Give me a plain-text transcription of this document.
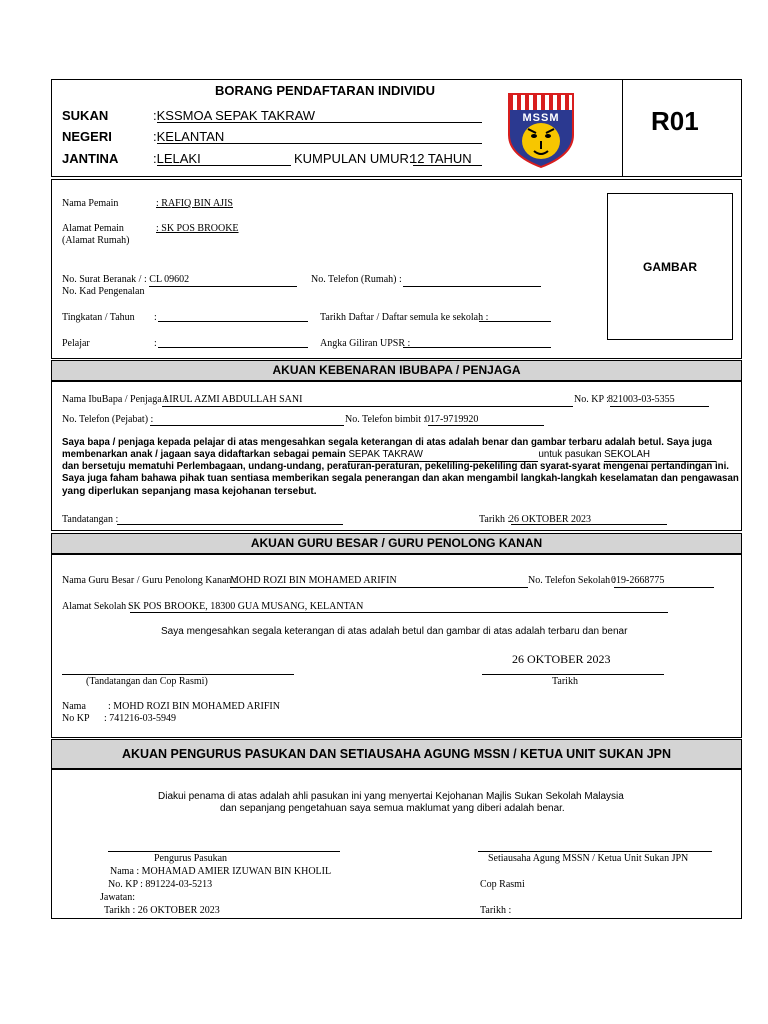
BORANG PENDAFTARAN INDIVIDU
SUKAN	:KSSMOA SEPAK TAKRAW
NEGERI	:KELANTAN
JANTINA	:LELAKI	KUMPULAN UMUR:
12 TAHUN
MSSM	R01
GAMBAR
Nama Pemain	: RAFIQ BIN AJIS
Alamat Pemain
(Alamat Rumah)
: SK POS BROOKE
No. Surat Beranak /
No. Kad Pengenalan
: CL 09602	No. Telefon (Rumah) :
Tingkatan / Tahun :	Tarikh Daftar / Daftar semula ke sekolah :
Pelajar	:	Angka Giliran UPSR :
AKUAN KEBENARAN IBUBAPA / PENJAGA
Nama IbuBapa / Penjaga :
AIRUL AZMI ABDULLAH SANI	No. KP : 821003-03-5355
No. Telefon (Pejabat) :	No. Telefon bimbit :
017-9719920
Saya bapa / penjaga kepada pelajar di atas mengesahkan segala keterangan di atas adalah benar dan gambar terbaru adalah betul. Saya juga
membenarkan anak / jagaan saya didaftarkan sebagai pemain SEPAK TAKRAW	untuk pasukan SEKOLAH
dan bersetuju mematuhi Perlembagaan, undang-undang, peraturan-peraturan, pekeliling-pekeliling dan syarat-syarat mengenai pertandingan ini.
Saya juga faham bahawa pihak tuan sentiasa memberikan segala penerangan dan akan mengambil langkah-langkah keselamatan dan pengawasan
yang diperlukan sepanjang masa kejohanan tersebut.
Tandatangan :	Tarikh :
26 OKTOBER 2023
AKUAN GURU BESAR / GURU PENOLONG KANAN
Nama Guru Besar / Guru Penolong Kanan :
MOHD ROZI BIN MOHAMED ARIFIN	No. Telefon Sekolah :
019-2668775
Alamat Sekolah :
SK POS BROOKE, 18300 GUA MUSANG, KELANTAN
Saya mengesahkan segala keterangan di atas adalah betul dan gambar di atas adalah terbaru dan benar
26 OKTOBER 2023
(Tandatangan dan Cop Rasmi)	Tarikh
Nama : MOHD ROZI BIN MOHAMED ARIFIN
No KP : 741216-03-5949
AKUAN PENGURUS PASUKAN DAN SETIAUSAHA AGUNG MSSN / KETUA UNIT SUKAN JPN
Diakui penama di atas adalah ahli pasukan ini yang menyertai Kejohanan Majlis Sukan Sekolah Malaysia
dan sepanjang pengetahuan saya semua maklumat yang diberi adalah benar.
Pengurus Pasukan	Setiausaha Agung MSSN / Ketua Unit Sukan JPN
Nama : MOHAMAD AMIER IZUWAN BIN KHOLIL
No. KP : 891224-03-5213	Cop Rasmi
Jawatan:
Tarikh : 26 OKTOBER 2023	Tarikh :
